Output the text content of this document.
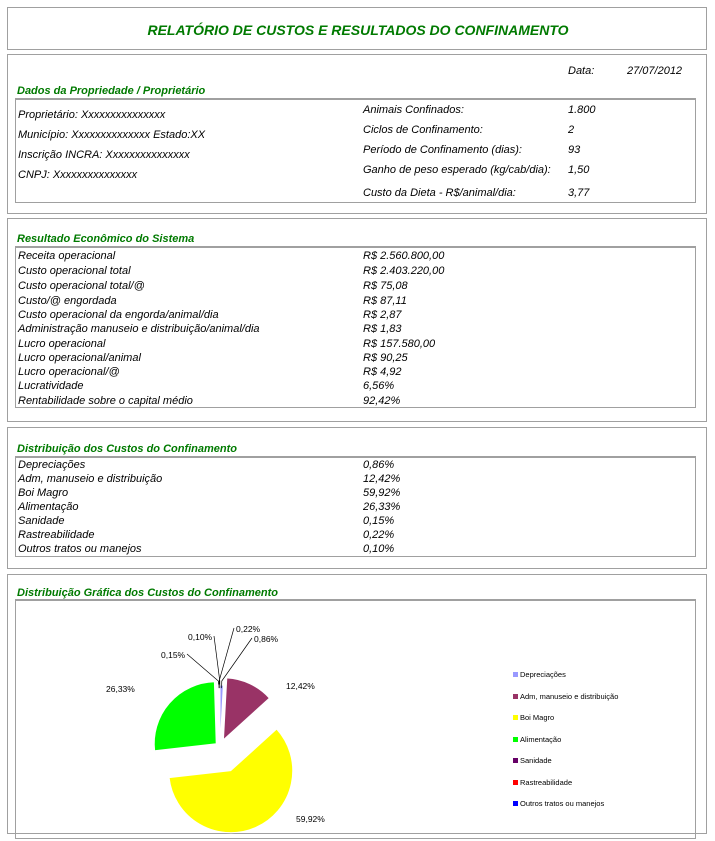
RELATÓRIO DE CUSTOS E RESULTADOS DO CONFINAMENTO
Data:	27/07/2012
Dados da Propriedade / Proprietário
Proprietário: Xxxxxxxxxxxxxxx
Município: Xxxxxxxxxxxxxx Estado:XX
Inscrição INCRA: Xxxxxxxxxxxxxxx
CNPJ: Xxxxxxxxxxxxxxx
Animais Confinados:	1.800
Ciclos de Confinamento:	2
Período de Confinamento (dias):	93
Ganho de peso esperado (kg/cab/dia): 1,50
Custo da Dieta - R$/animal/dia:	3,77
Resultado Econômico do Sistema
Receita operacional	R$ 2.560.800,00
Custo operacional total	R$ 2.403.220,00
Custo operacional total/@	R$ 75,08
Custo/@ engordada	R$ 87,11
Custo operacional da engorda/animal/dia	R$ 2,87
Administração manuseio e distribuição/animal/dia	R$ 1,83
Lucro operacional	R$ 157.580,00
Lucro operacional/animal	R$ 90,25
Lucro operacional/@	R$ 4,92
Lucratividade	6,56%
Rentabilidade sobre o capital médio	92,42%
Distribuição dos Custos do Confinamento
Depreciações	0,86%
Adm, manuseio e distribuição	12,42%
Boi Magro	59,92%
Alimentação	26,33%
Sanidade	0,15%
Rastreabilidade	0,22%
Outros tratos ou manejos	0,10%
Distribuição Gráfica dos Custos do Confinamento
0,86%
12,42%
59,92%
26,33%
0,15%
0,22%
0,10%
Depreciações
Adm, manuseio e distribuição
Boi Magro
Alimentação
Sanidade
Rastreabilidade
Outros tratos ou manejos
